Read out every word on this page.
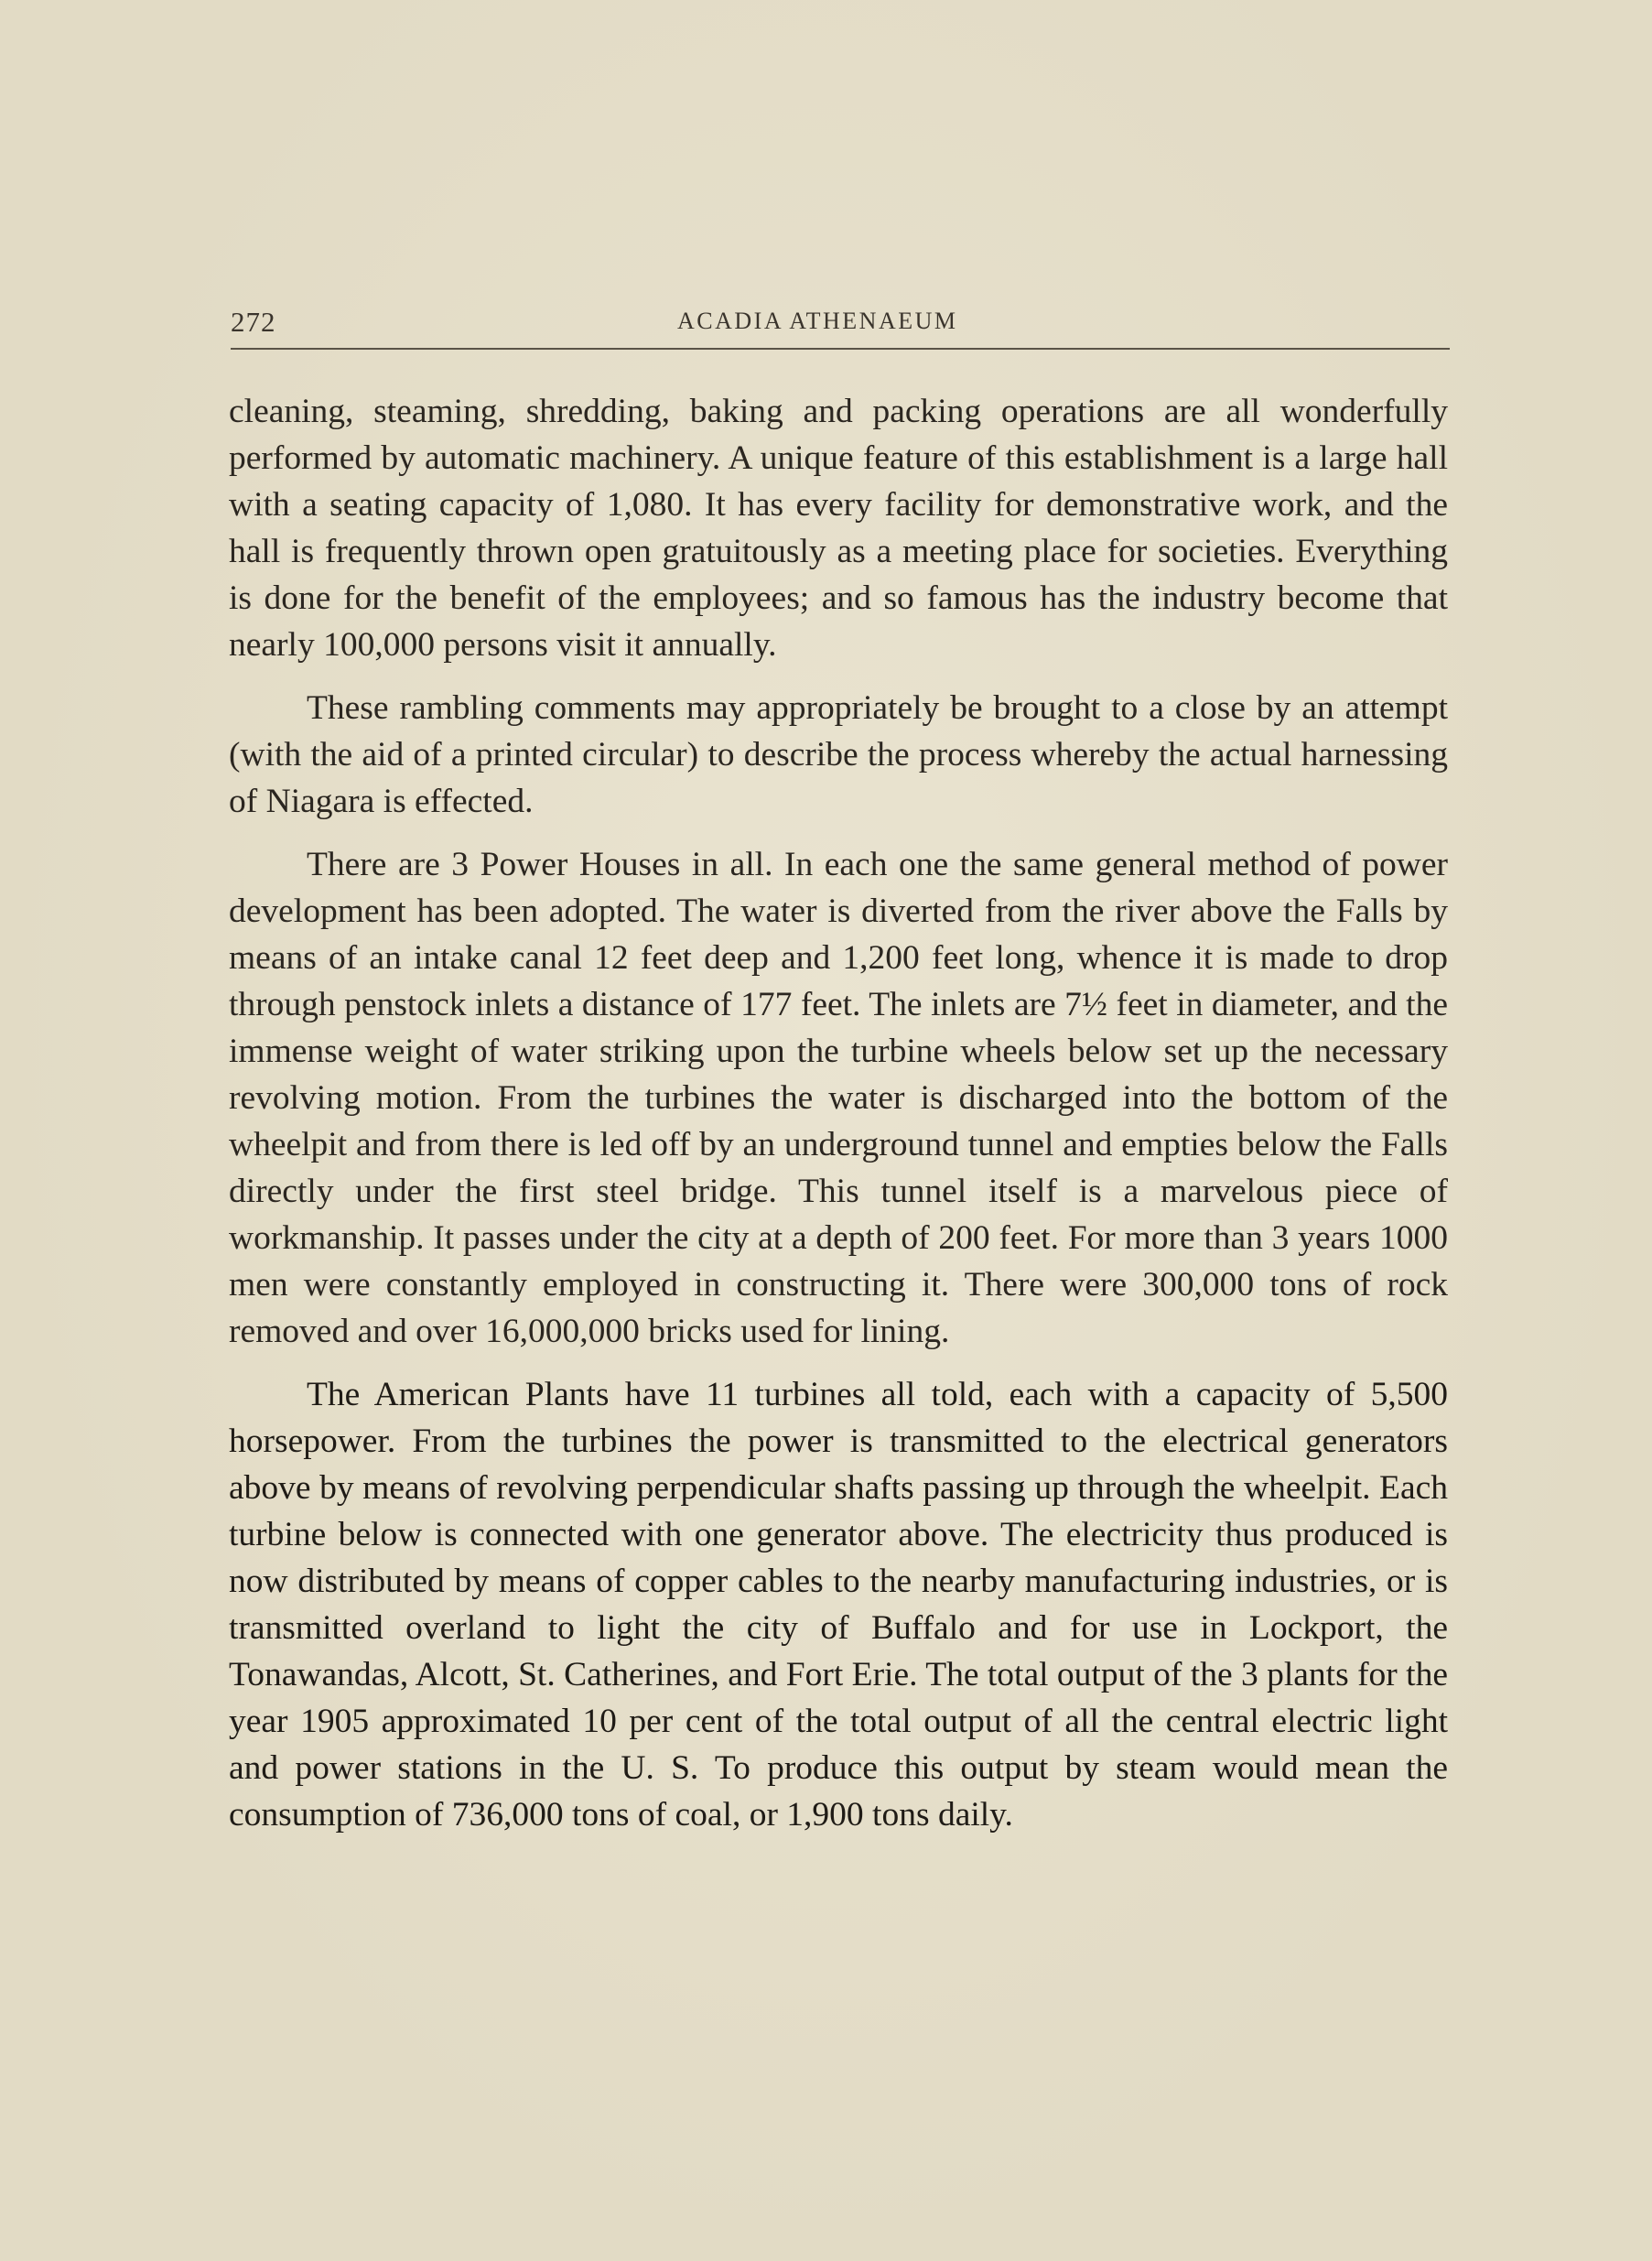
272	ACADIA ATHENAEUM

cleaning, steaming, shredding, baking and packing operations are all wonderfully performed by automatic machinery. A unique feature of this establishment is a large hall with a seating capacity of 1,080. It has every facility for demonstrative work, and the hall is frequently thrown open gratuitously as a meeting place for societies. Everything is done for the benefit of the employees; and so famous has the industry become that nearly 100,000 persons visit it annually.

These rambling comments may appropriately be brought to a close by an attempt (with the aid of a printed circular) to describe the process whereby the actual harnessing of Niagara is effected.

There are 3 Power Houses in all. In each one the same general method of power development has been adopted. The water is diverted from the river above the Falls by means of an intake canal 12 feet deep and 1,200 feet long, whence it is made to drop through penstock inlets a distance of 177 feet. The inlets are 7½ feet in diameter, and the immense weight of water striking upon the turbine wheels below set up the necessary revolving motion. From the turbines the water is discharged into the bottom of the wheelpit and from there is led off by an underground tunnel and empties below the Falls directly under the first steel bridge. This tunnel itself is a marvelous piece of workmanship. It passes under the city at a depth of 200 feet. For more than 3 years 1000 men were constantly employed in constructing it. There were 300,000 tons of rock removed and over 16,000,000 bricks used for lining.

The American Plants have 11 turbines all told, each with a capacity of 5,500 horsepower. From the turbines the power is transmitted to the electrical generators above by means of revolving perpendicular shafts passing up through the wheelpit. Each turbine below is connected with one generator above. The electricity thus produced is now distributed by means of copper cables to the nearby manufacturing industries, or is transmitted overland to light the city of Buffalo and for use in Lockport, the Tonawandas, Alcott, St. Catherines, and Fort Erie. The total output of the 3 plants for the year 1905 approximated 10 per cent of the total output of all the central electric light and power stations in the U. S. To produce this output by steam would mean the consumption of 736,000 tons of coal, or 1,900 tons daily.
